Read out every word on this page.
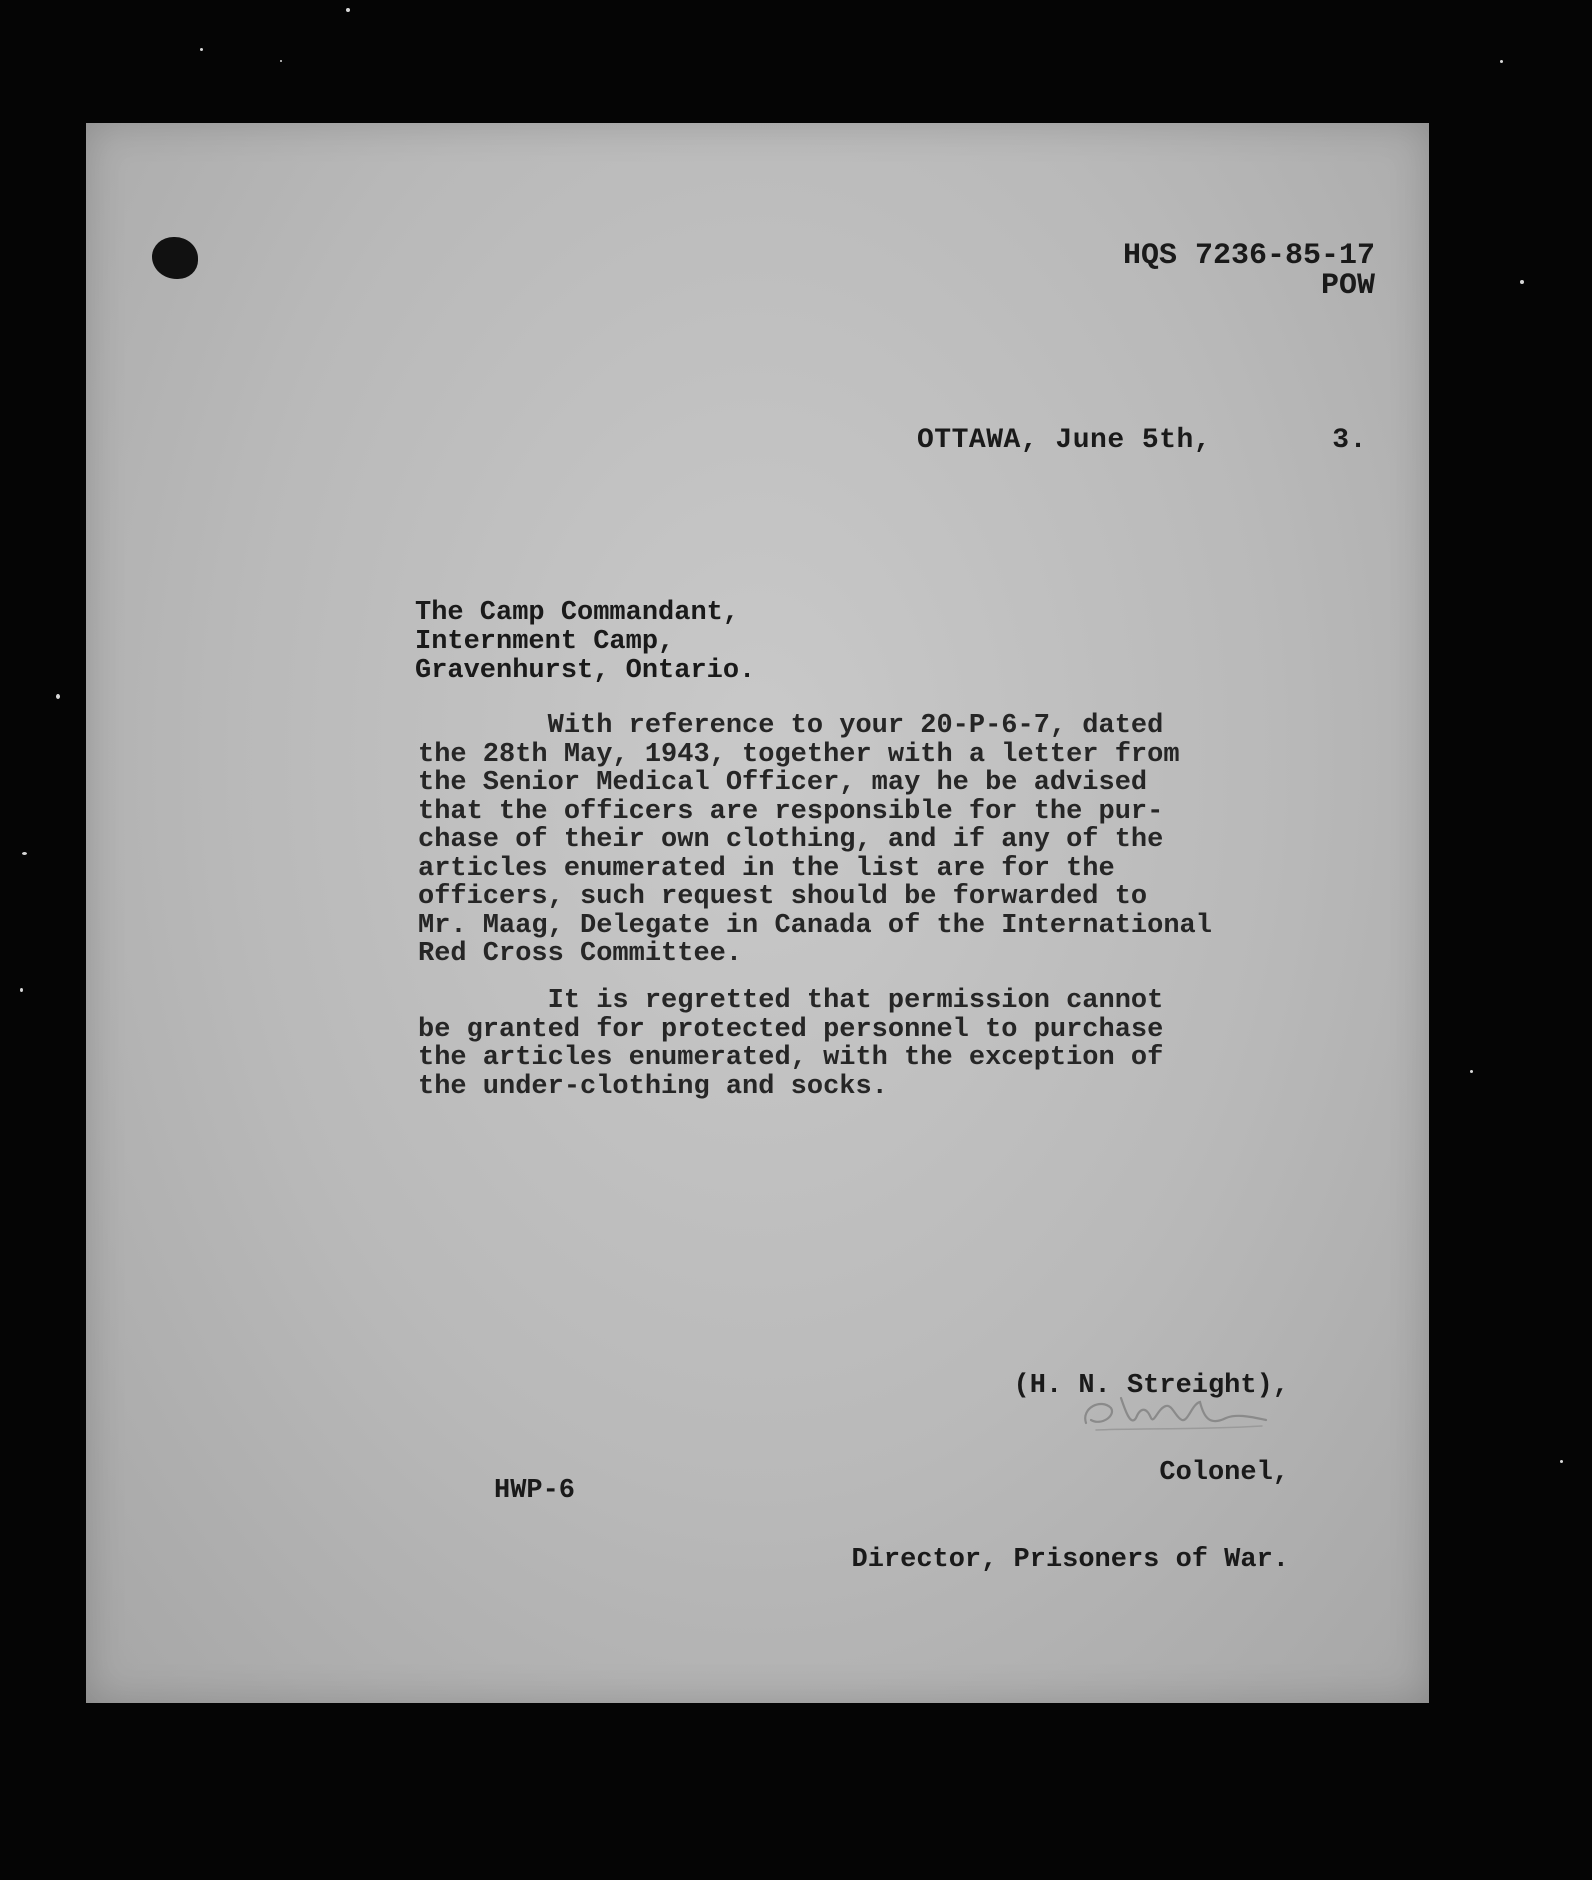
HQS 7236-85-17
POW
OTTAWA, June 5th,       3.
The Camp Commandant,
Internment Camp,
Gravenhurst, Ontario.
With reference to your 20-P-6-7, dated
the 28th May, 1943, together with a letter from
the Senior Medical Officer, may he be advised
that the officers are responsible for the pur-
chase of their own clothing, and if any of the
articles enumerated in the list are for the
officers, such request should be forwarded to
Mr. Maag, Delegate in Canada of the International
Red Cross Committee.
It is regretted that permission cannot
be granted for protected personnel to purchase
the articles enumerated, with the exception of
the under-clothing and socks.

(H. N. Streight),

Colonel,

Director, Prisoners of War.

HWP-6
